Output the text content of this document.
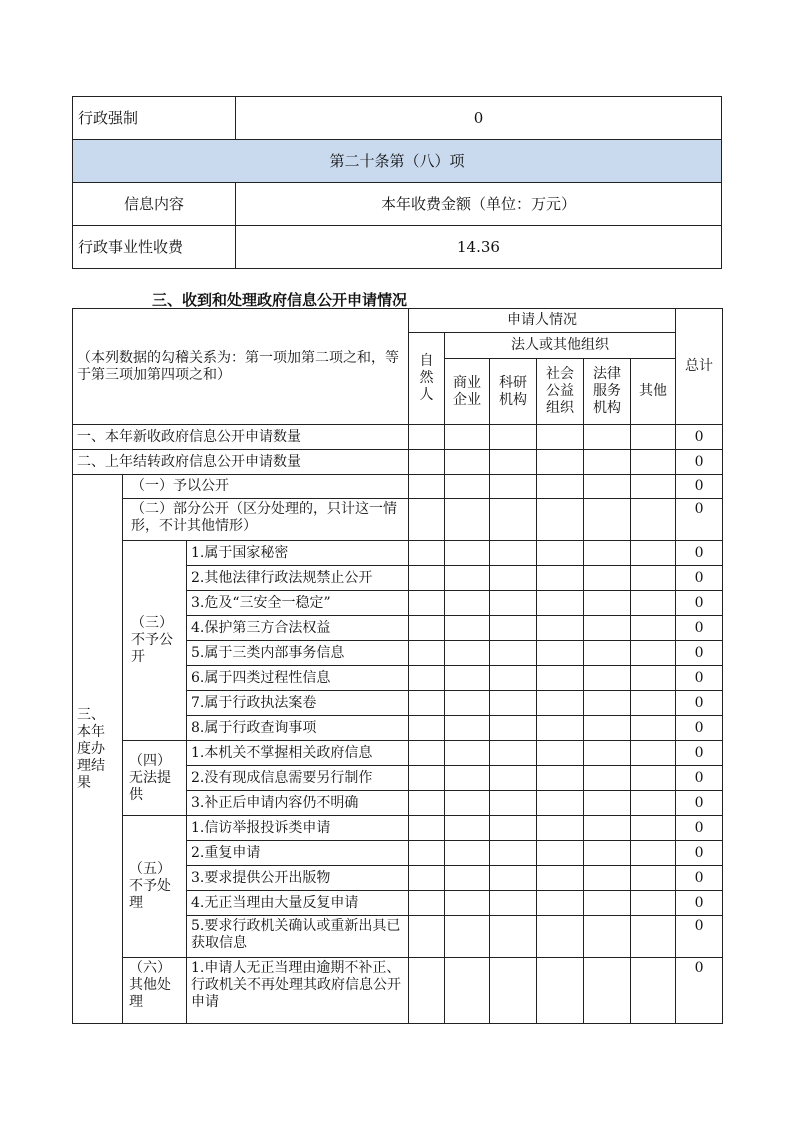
行政强制	0
第二十条第（八）项	
信息内容	本年收费金额（单位：万元）
行政事业性收费	14.36
三、收到和处理政府信息公开申请情况
（本列数据的勾稽关系为：第一项加第二项之和，等于第三项加第四项之和）			申请人情况						总计
			自然人	法人或其他组织					
				商业企业	科研机构	社会公益组织	法律服务机构	其他	
一、本年新收政府信息公开申请数量									0
二、上年结转政府信息公开申请数量									0
三、本年度办理结果	（一）予以公开								0
	（二）部分公开（区分处理的，只计这一情形，不计其他情形）								0
	（三）不予公开	1.属于国家秘密							0
		2.其他法律行政法规禁止公开							0
		3.危及“三安全一稳定”							0
		4.保护第三方合法权益							0
		5.属于三类内部事务信息							0
		6.属于四类过程性信息							0
		7.属于行政执法案卷							0
		8.属于行政查询事项							0
	（四）无法提供	1.本机关不掌握相关政府信息							0
		2.没有现成信息需要另行制作							0
		3.补正后申请内容仍不明确							0
	（五）不予处理	1.信访举报投诉类申请							0
		2.重复申请							0
		3.要求提供公开出版物							0
		4.无正当理由大量反复申请							0
		5.要求行政机关确认或重新出具已获取信息							0
	（六）其他处理	1.申请人无正当理由逾期不补正、行政机关不再处理其政府信息公开申请							0
